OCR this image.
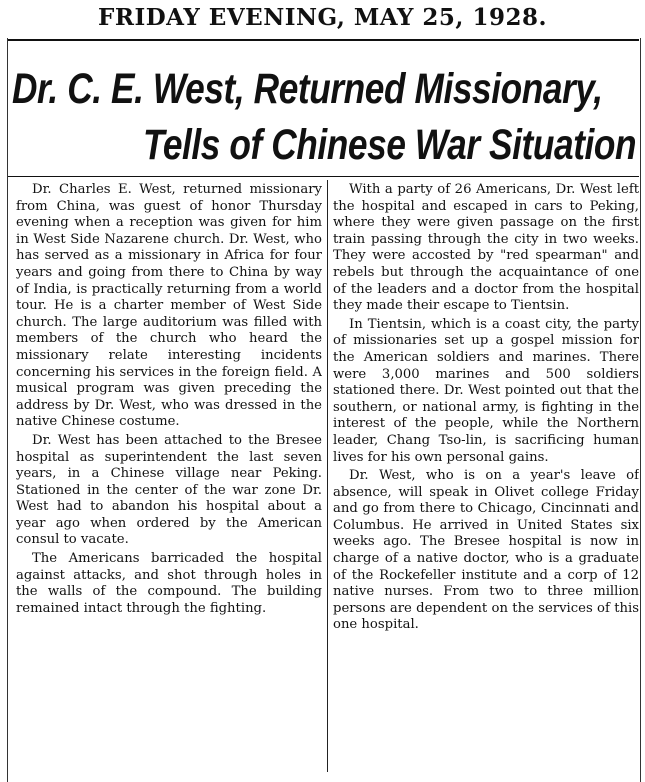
FRIDAY EVENING, MAY 25, 1928.
Dr. C. E. West, Returned Missionary,
Tells of Chinese War Situation

Dr. Charles E. West, returned missionary from China, was guest of honor Thursday evening when a reception was given for him in West Side Nazarene church. Dr. West, who has served as a missionary in Africa for four years and going from there to China by way of India, is practically returning from a world tour. He is a charter member of West Side church. The large auditorium was filled with members of the church who heard the missionary relate interesting incidents concerning his services in the foreign field. A musical program was given preceding the address by Dr. West, who was dressed in the native Chinese costume.

Dr. West has been attached to the Bresee hospital as superintendent the last seven years, in a Chinese village near Peking. Stationed in the center of the war zone Dr. West had to abandon his hospital about a year ago when ordered by the American consul to vacate.

The Americans barricaded the hospital against attacks, and shot through holes in the walls of the compound. The building remained intact through the fighting.

With a party of 26 Americans, Dr. West left the hospital and escaped in cars to Peking, where they were given passage on the first train passing through the city in two weeks. They were accosted by "red spearman" and rebels but through the acquaintance of one of the leaders and a doctor from the hospital they made their escape to Tientsin.

In Tientsin, which is a coast city, the party of missionaries set up a gospel mission for the American soldiers and marines. There were 3,000 marines and 500 soldiers stationed there. Dr. West pointed out that the southern, or national army, is fighting in the interest of the people, while the Northern leader, Chang Tso-lin, is sacrificing human lives for his own personal gains.

Dr. West, who is on a year's leave of absence, will speak in Olivet college Friday and go from there to Chicago, Cincinnati and Columbus. He arrived in United States six weeks ago. The Bresee hospital is now in charge of a native doctor, who is a graduate of the Rockefeller institute and a corp of 12 native nurses. From two to three million persons are dependent on the services of this one hospital.
